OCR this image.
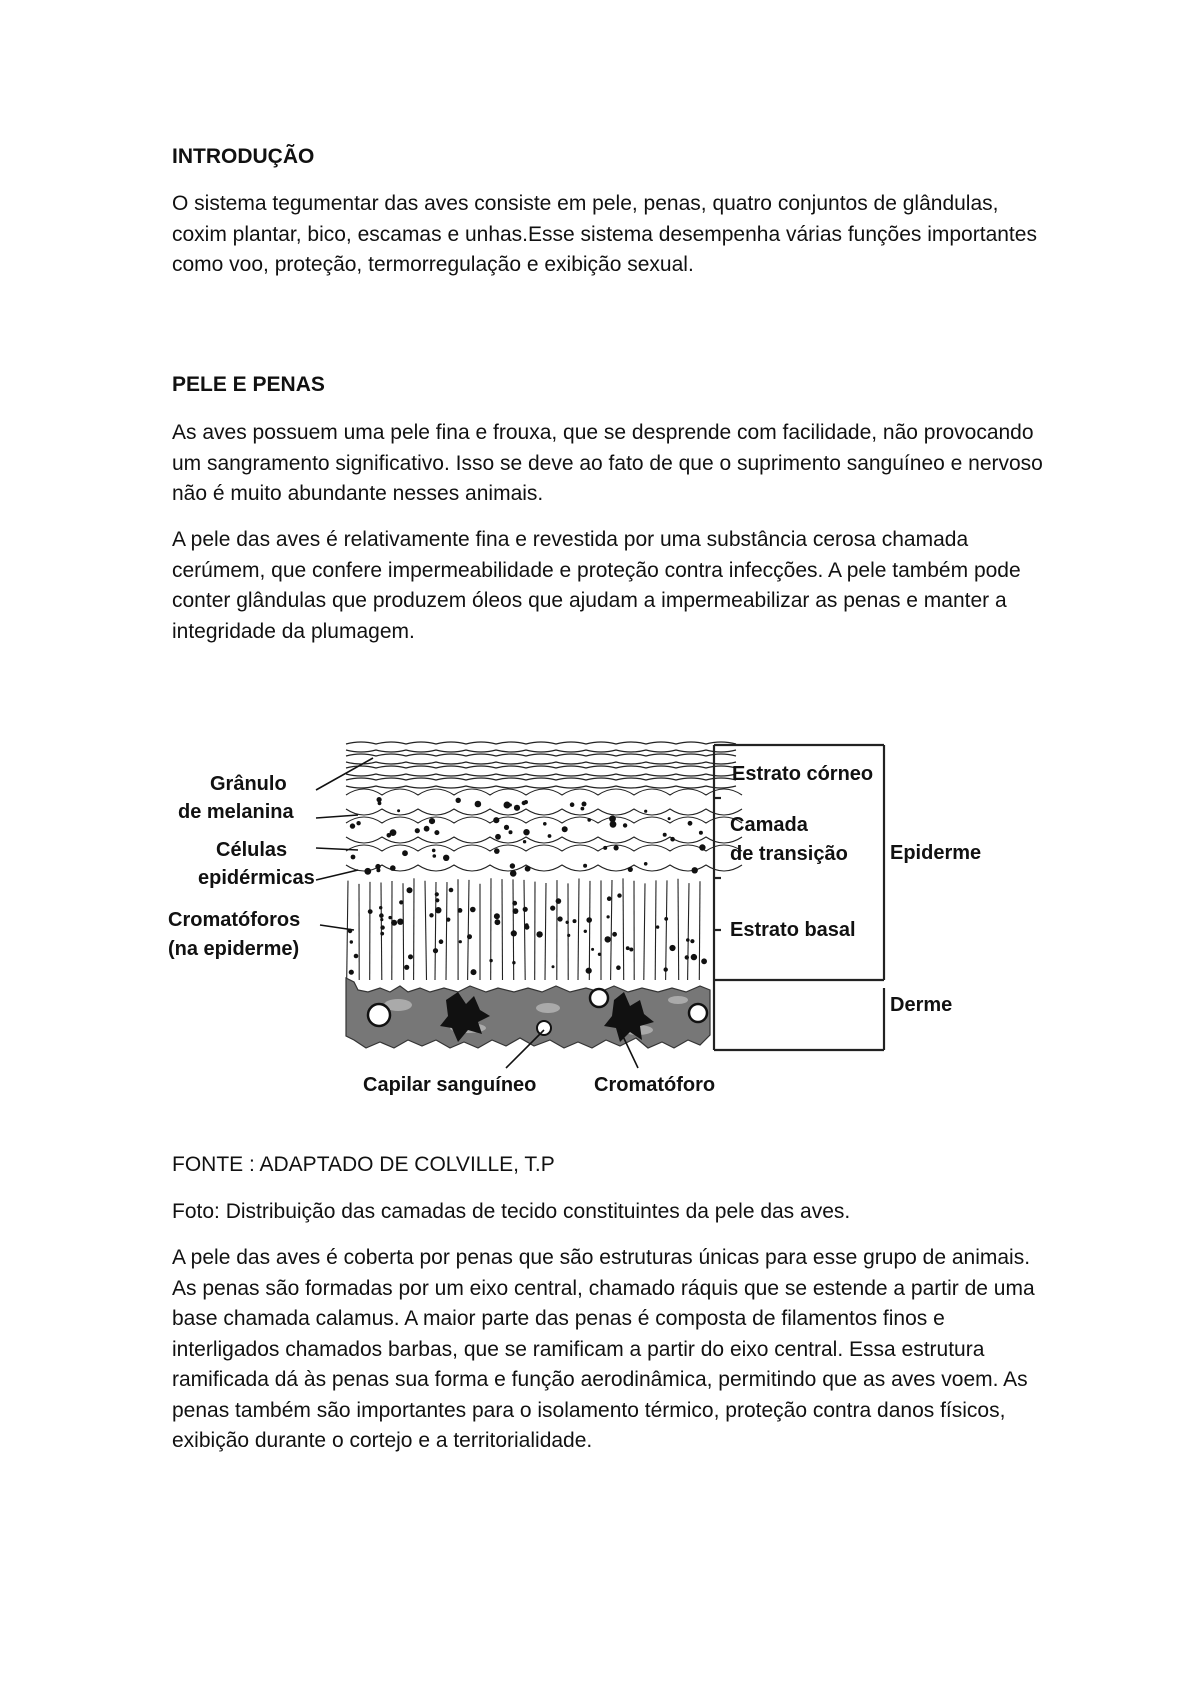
INTRODUÇÃO

O sistema tegumentar das aves consiste em pele, penas, quatro conjuntos de glândulas, coxim plantar, bico, escamas e unhas.Esse sistema desempenha várias funções importantes como voo, proteção, termorregulação e exibição sexual.

PELE E PENAS

As aves possuem uma pele fina e frouxa, que se desprende com facilidade, não provocando um sangramento significativo. Isso se deve ao fato de que o suprimento sanguíneo e nervoso não é muito abundante nesses animais.

A pele das aves é relativamente fina e revestida por uma substância cerosa chamada cerúmem, que confere impermeabilidade e proteção contra infecções. A pele também pode conter glândulas que produzem óleos que ajudam a impermeabilizar as penas e manter a integridade da plumagem.

FONTE : ADAPTADO DE COLVILLE, T.P

Foto: Distribuição das camadas de tecido constituintes da pele das aves.

A pele das aves é coberta por penas que são estruturas únicas para esse grupo de animais. As penas são formadas por um eixo central, chamado ráquis que se estende a partir de uma base chamada calamus. A maior parte das penas é composta de filamentos finos e interligados chamados barbas, que se ramificam a partir do eixo central. Essa estrutura ramificada dá às penas sua forma e função aerodinâmica, permitindo que as aves voem. As penas também são importantes para o isolamento térmico, proteção contra danos físicos, exibição durante o cortejo e a territorialidade.

Grânulo
de melanina
Células
epidérmicas
Cromatóforos
(na epiderme)
Estrato córneo
Camada
de transição Epiderme
Estrato basal
Derme
Capilar sanguíneo	Cromatóforo
